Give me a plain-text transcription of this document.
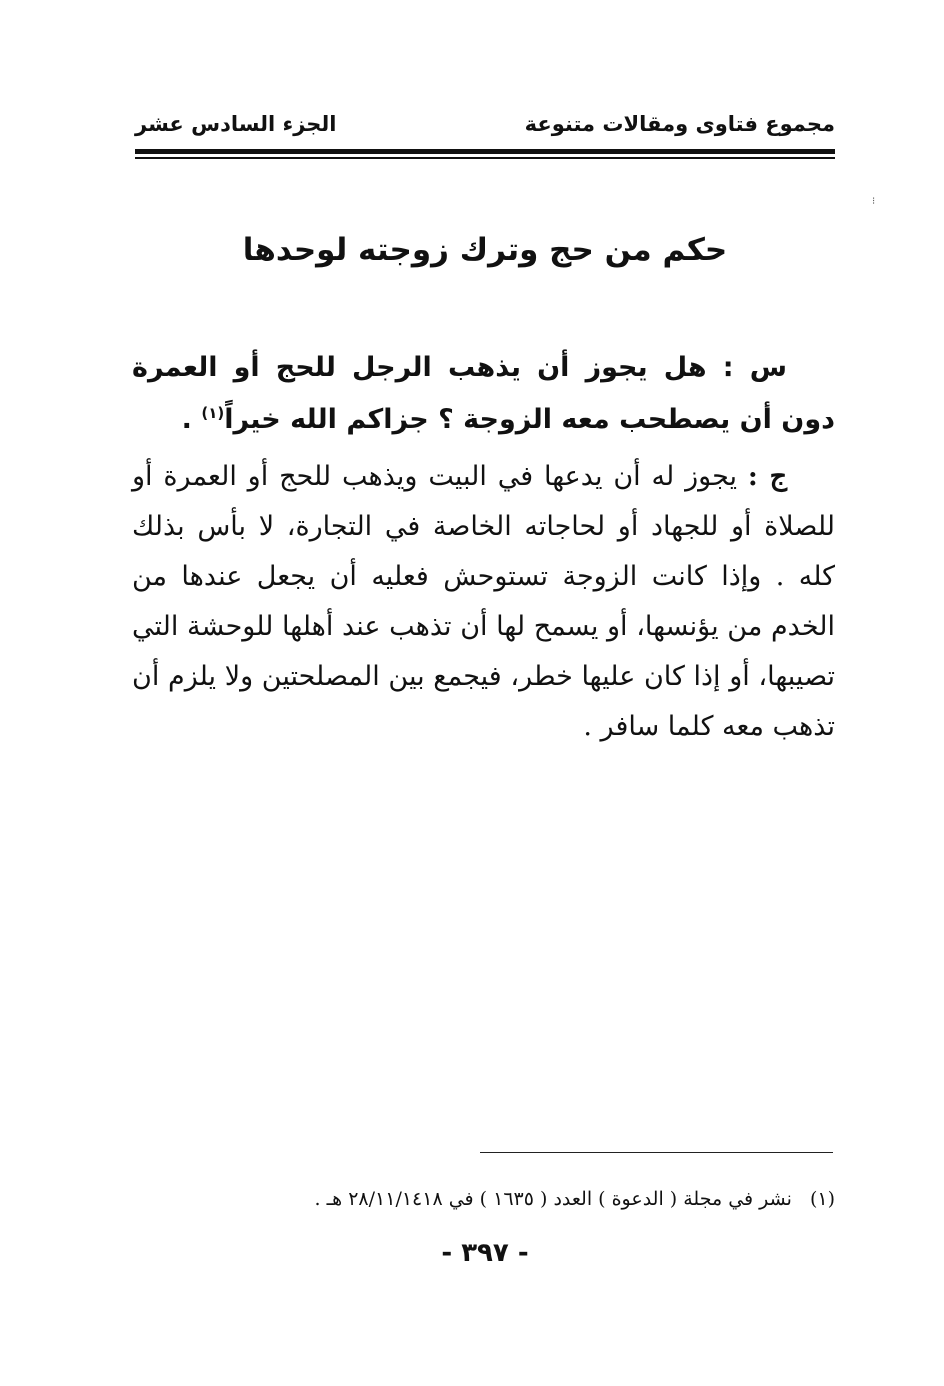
مجموع فتاوى ومقالات متنوعة
الجزء السادس عشر
⁝
حكم من حج وترك زوجته لوحدها
س : هل يجوز أن يذهب الرجل للحج أو العمرة دون أن يصطحب معه الزوجة ؟ جزاكم الله خيراً$^{(١)}$ .
ج : يجوز له أن يدعها في البيت ويذهب للحج أو العمرة أو للصلاة أو للجهاد أو لحاجاته الخاصة في التجارة، لا بأس بذلك كله . وإذا كانت الزوجة تستوحش فعليه أن يجعل عندها من الخدم من يؤنسها، أو يسمح لها أن تذهب عند أهلها للوحشة التي تصيبها، أو إذا كان عليها خطر، فيجمع بين المصلحتين ولا يلزم أن تذهب معه كلما سافر .
(١) نشر في مجلة ( الدعوة ) العدد ( ١٦٣٥ ) في ٢٨/١١/١٤١٨ هـ .
- ٣٩٧ -
